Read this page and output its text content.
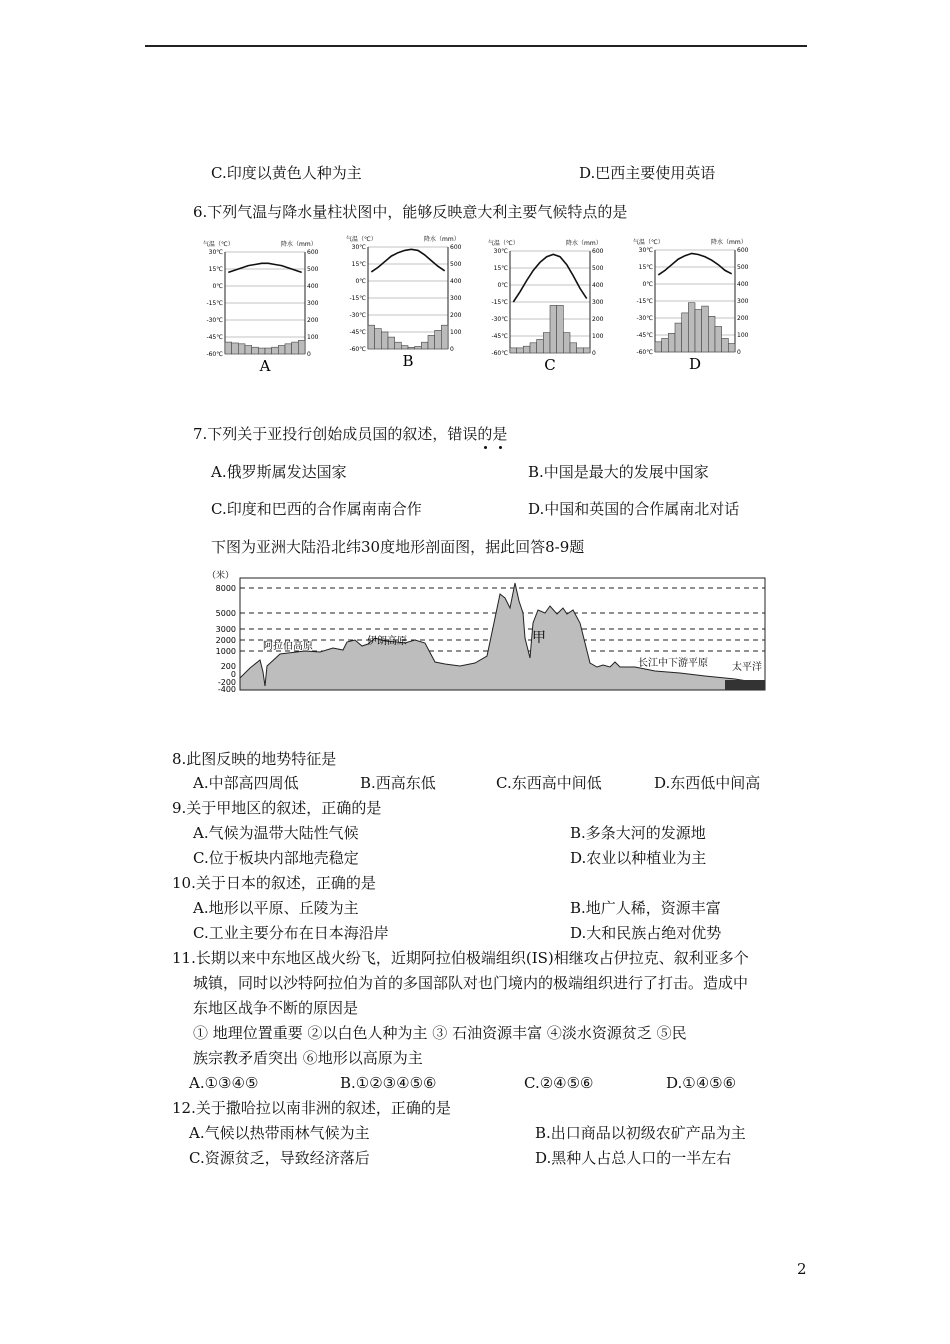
C.印度以黄色人种为主	D.巴西主要使用英语
6.下列气温与降水量柱状图中，能够反映意大利主要气候特点的是
气温（℃）	降水（mm）
30℃	600
15℃	500
0℃	400
-15℃	300
-30℃	200
-45℃	100
-60℃	0
A
气温（℃）	降水（mm）
30℃	600
15℃	500
0℃	400
-15℃	300
-30℃	200
-45℃	100
-60℃	0
B
气温（℃）	降水（mm）
30℃	600
15℃	500
0℃	400
-15℃	300
-30℃	200
-45℃	100
-60℃	0
C
气温（℃）	降水（mm）
30℃	600
15℃	500
0℃	400
-15℃	300
-30℃	200
-45℃	100
-60℃	0
D
7.下列关于亚投行创始成员国的叙述，错误的是
A.俄罗斯属发达国家	B.中国是最大的发展中国家
C.印度和巴西的合作属南南合作	D.中国和英国的合作属南北对话
下图为亚洲大陆沿北纬30度地形剖面图，据此回答8-9题
（米）
8000
5000
3000
2000
1000
200
0
-200
-400
阿拉伯高原	伊朗高原	甲
长江中下游平原 太平洋
8.此图反映的地势特征是
A.中部高四周低	B.西高东低	C.东西高中间低	D.东西低中间高
9.关于甲地区的叙述，正确的是
A.气候为温带大陆性气候	B.多条大河的发源地
C.位于板块内部地壳稳定	D.农业以种植业为主
10.关于日本的叙述，正确的是
A.地形以平原、丘陵为主	B.地广人稀，资源丰富
C.工业主要分布在日本海沿岸	D.大和民族占绝对优势
11.长期以来中东地区战火纷飞，近期阿拉伯极端组织(IS)相继攻占伊拉克、叙利亚多个
城镇，同时以沙特阿拉伯为首的多国部队对也门境内的极端组织进行了打击。造成中
东地区战争不断的原因是
① 地理位置重要 ②以白色人种为主 ③ 石油资源丰富 ④淡水资源贫乏 ⑤民
族宗教矛盾突出 ⑥地形以高原为主
A.①③④⑤	B.①②③④⑤⑥	C.②④⑤⑥	D.①④⑤⑥
12.关于撒哈拉以南非洲的叙述，正确的是
A.气候以热带雨林气候为主	B.出口商品以初级农矿产品为主
C.资源贫乏，导致经济落后	D.黑种人占总人口的一半左右
2
